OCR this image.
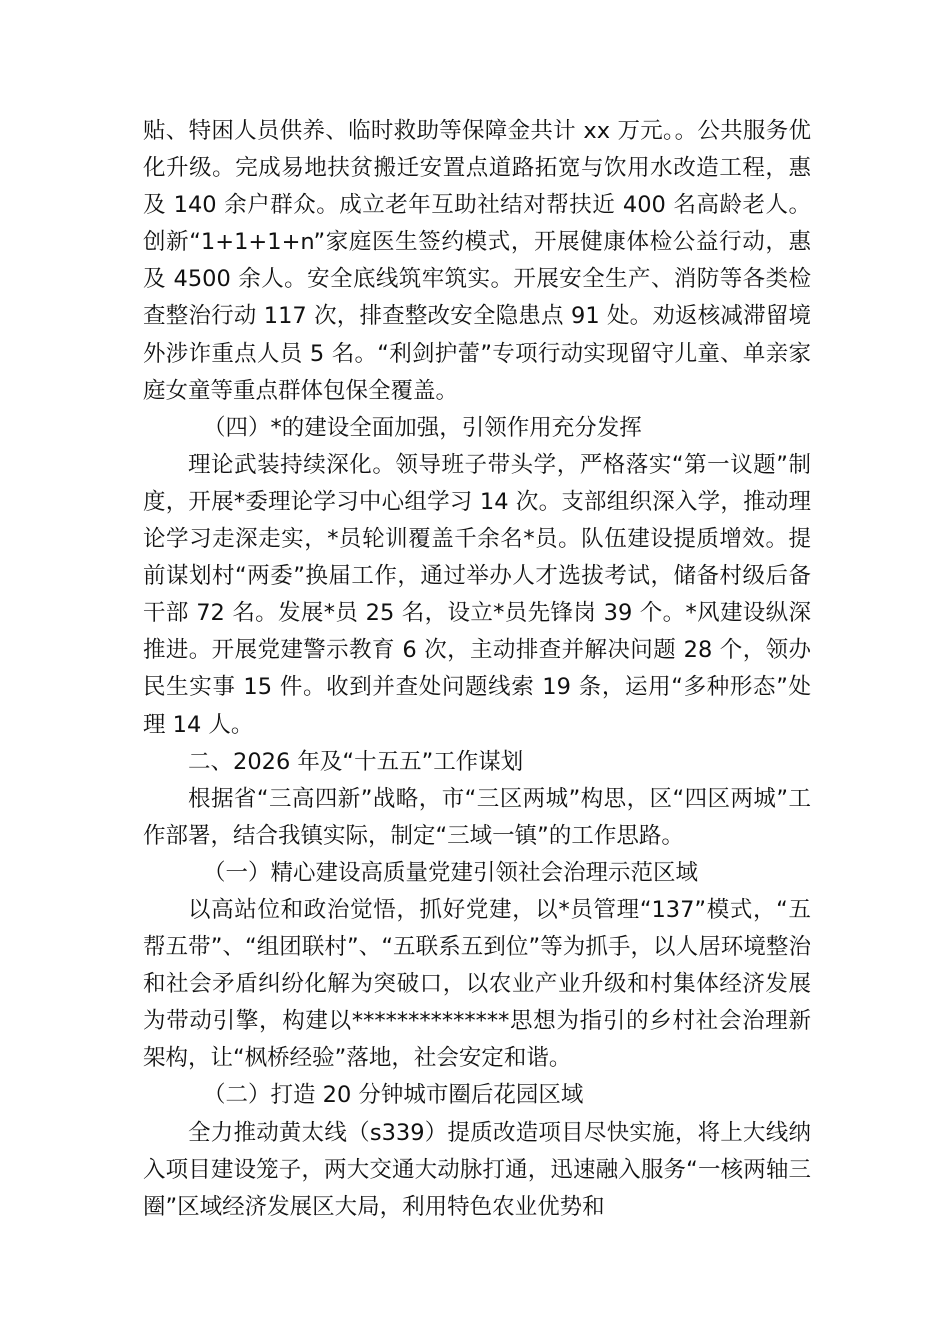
贴、特困人员供养、临时救助等保障金共计 xx 万元。。公共服务优化升级。完成易地扶贫搬迁安置点道路拓宽与饮用水改造工程，惠及 140 余户群众。成立老年互助社结对帮扶近 400 名高龄老人。创新“1+1+1+n”家庭医生签约模式，开展健康体检公益行动，惠及 4500 余人。安全底线筑牢筑实。开展安全生产、消防等各类检查整治行动 117 次，排查整改安全隐患点 91 处。劝返核减滞留境外涉诈重点人员 5 名。“利剑护蕾”专项行动实现留守儿童、单亲家庭女童等重点群体包保全覆盖。

（四）*的建设全面加强，引领作用充分发挥

理论武装持续深化。领导班子带头学，严格落实“第一议题”制度，开展*委理论学习中心组学习 14 次。支部组织深入学，推动理论学习走深走实，*员轮训覆盖千余名*员。队伍建设提质增效。提前谋划村“两委”换届工作，通过举办人才选拔考试，储备村级后备干部 72 名。发展*员 25 名，设立*员先锋岗 39 个。*风建设纵深推进。开展党建警示教育 6 次，主动排查并解决问题 28 个，领办民生实事 15 件。收到并查处问题线索 19 条，运用“多种形态”处理 14 人。

二、2026 年及“十五五”工作谋划

根据省“三高四新”战略，市“三区两城”构思，区“四区两城”工作部署，结合我镇实际，制定“三域一镇”的工作思路。

（一）精心建设高质量党建引领社会治理示范区域

以高站位和政治觉悟，抓好党建，以*员管理“137”模式，“五帮五带”、“组团联村”、“五联系五到位”等为抓手，以人居环境整治和社会矛盾纠纷化解为突破口，以农业产业升级和村集体经济发展为带动引擎，构建以**************思想为指引的乡村社会治理新架构，让“枫桥经验”落地，社会安定和谐。

（二）打造 20 分钟城市圈后花园区域

全力推动黄太线（s339）提质改造项目尽快实施，将上大线纳入项目建设笼子，两大交通大动脉打通，迅速融入服务“一核两轴三圈”区域经济发展区大局，利用特色农业优势和
